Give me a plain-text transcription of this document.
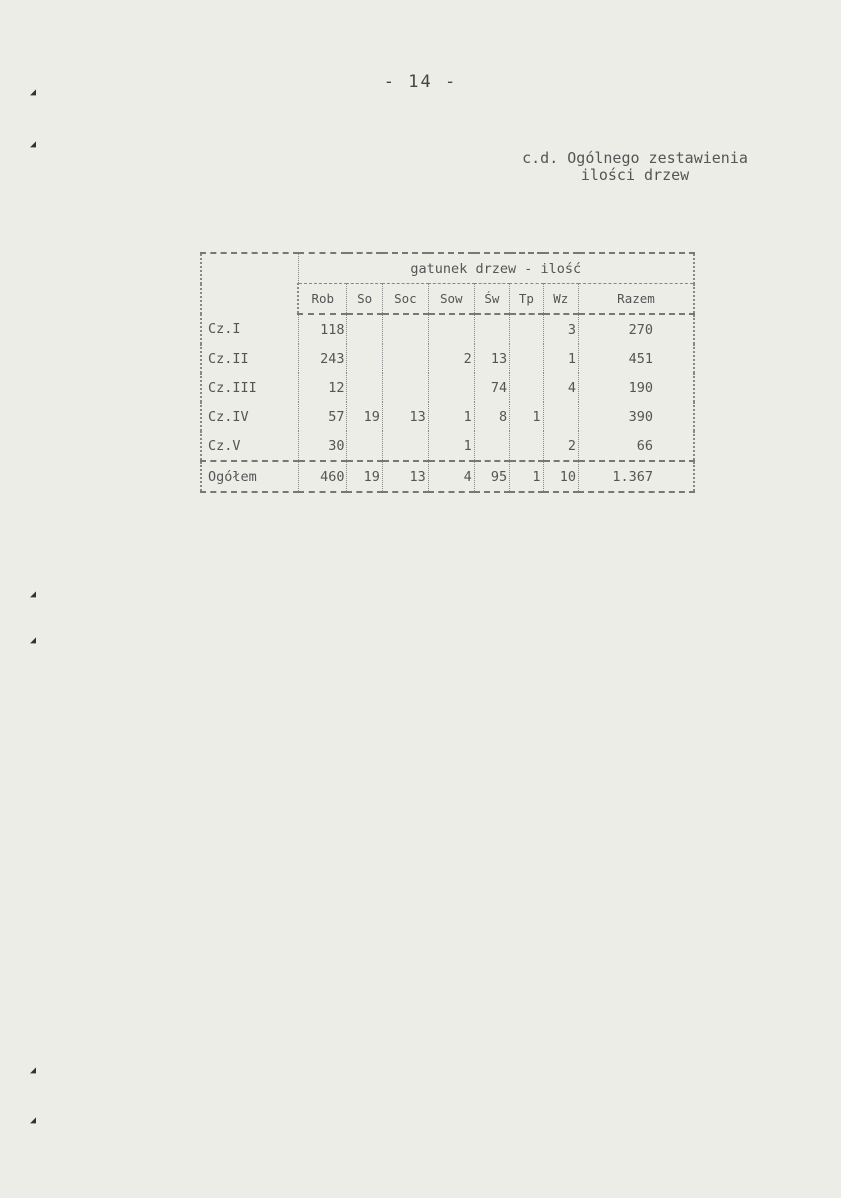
- 14 -
c.d. Ogólnego zestawienia
ilości drzew
◢
◢
◢
◢
◢
◢
	gatunek drzew - ilość							
	Rob	So	Soc	Sow	Św	Tp	Wz	Razem
Cz.I	118						3	270
Cz.II	243			2	13		1	451
Cz.III	12				74		4	190
Cz.IV	57	19	13	1	8	1		390
Cz.V	30			1			2	66
Ogółem	460	19	13	4	95	1	10	1.367
